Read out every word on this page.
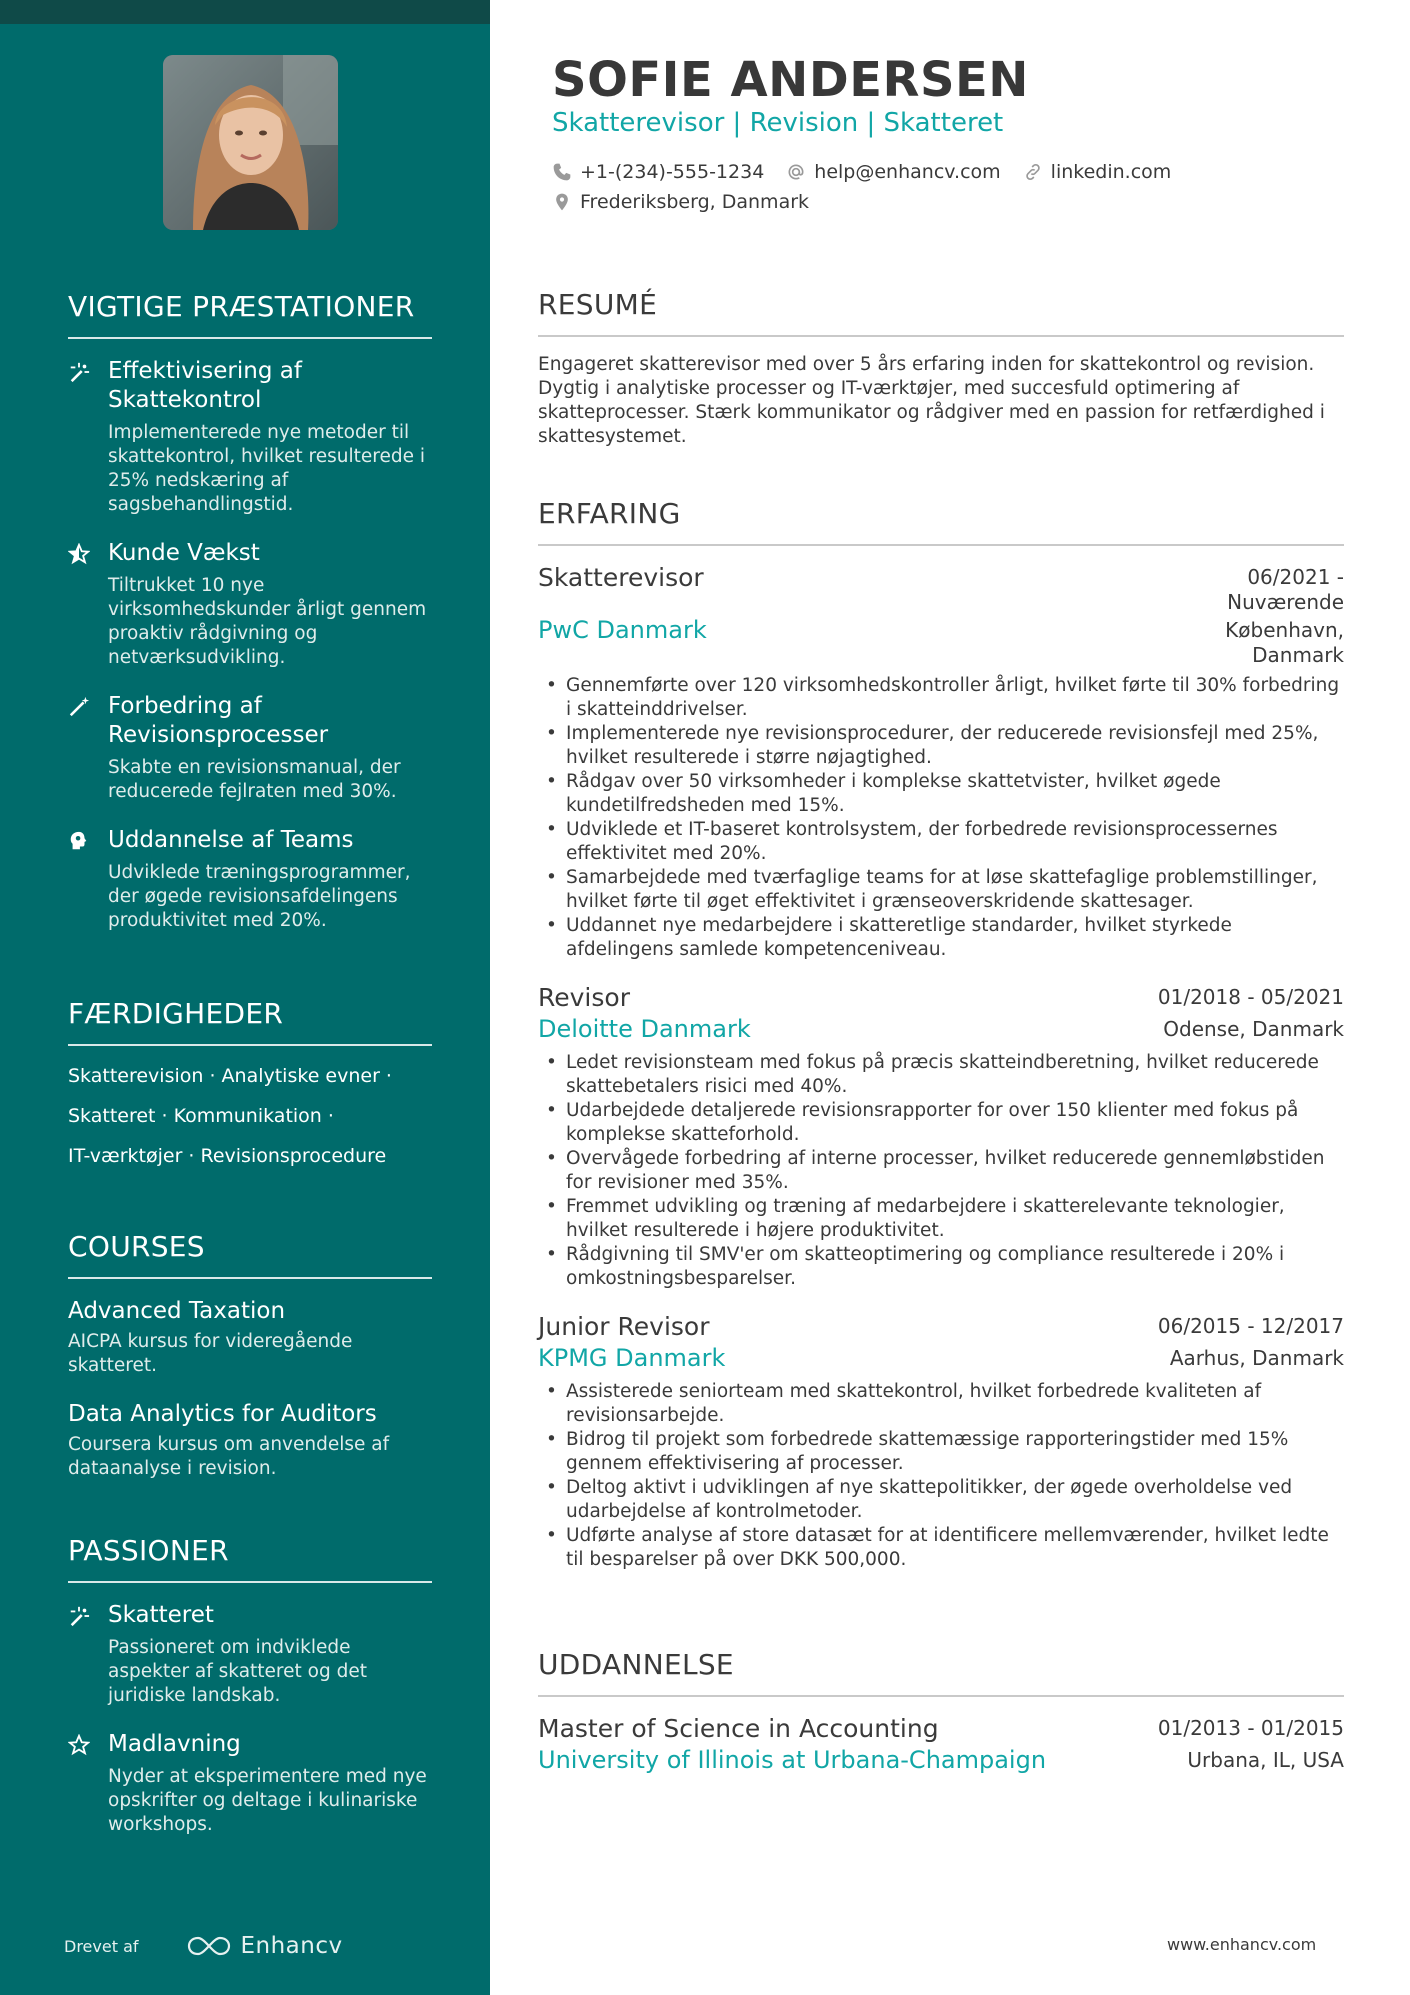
VIGTIGE PRÆSTATIONER
Effektivisering af Skattekontrol
Implementerede nye metoder til skattekontrol, hvilket resulterede i 25% nedskæring af sagsbehandlingstid.
Kunde Vækst
Tiltrukket 10 nye virksomhedskunder årligt gennem proaktiv rådgivning og netværksudvikling.
Forbedring af Revisionsprocesser
Skabte en revisionsmanual, der reducerede fejlraten med 30%.
Uddannelse af Teams
Udviklede træningsprogrammer, der øgede revisionsafdelingens produktivitet med 20%.
FÆRDIGHEDER
Skatterevision · Analytiske evner ·
Skatteret · Kommunikation ·
IT-værktøjer · Revisionsprocedure
COURSES
Advanced Taxation
AICPA kursus for videregående skatteret.
Data Analytics for Auditors
Coursera kursus om anvendelse af dataanalyse i revision.
PASSIONER
Skatteret
Passioneret om indviklede aspekter af skatteret og det juridiske landskab.
Madlavning
Nyder at eksperimentere med nye opskrifter og deltage i kulinariske workshops.
Drevet af	Enhancv
SOFIE ANDERSEN
Skatterevisor | Revision | Skatteret
+1-(234)-555-1234	help@enhancv.com	linkedin.com
Frederiksberg, Danmark
RESUMÉ
Engageret skatterevisor med over 5 års erfaring inden for skattekontrol og revision. Dygtig i analytiske processer og IT-værktøjer, med succesfuld optimering af skatteprocesser. Stærk kommunikator og rådgiver med en passion for retfærdighed i skattesystemet.
ERFARING
Skatterevisor	06/2021 - Nuværende
PwC Danmark	København, Danmark
• Gennemførte over 120 virksomhedskontroller årligt, hvilket førte til 30% forbedring i skatteinddrivelser.
• Implementerede nye revisionsprocedurer, der reducerede revisionsfejl med 25%, hvilket resulterede i større nøjagtighed.
• Rådgav over 50 virksomheder i komplekse skattetvister, hvilket øgede kundetilfredsheden med 15%.
• Udviklede et IT-baseret kontrolsystem, der forbedrede revisionsprocessernes effektivitet med 20%.
• Samarbejdede med tværfaglige teams for at løse skattefaglige problemstillinger, hvilket førte til øget effektivitet i grænseoverskridende skattesager.
• Uddannet nye medarbejdere i skatteretlige standarder, hvilket styrkede afdelingens samlede kompetenceniveau.
Revisor	01/2018 - 05/2021
Deloitte Danmark	Odense, Danmark
• Ledet revisionsteam med fokus på præcis skatteindberetning, hvilket reducerede skattebetalers risici med 40%.
• Udarbejdede detaljerede revisionsrapporter for over 150 klienter med fokus på komplekse skatteforhold.
• Overvågede forbedring af interne processer, hvilket reducerede gennemløbstiden for revisioner med 35%.
• Fremmet udvikling og træning af medarbejdere i skatterelevante teknologier, hvilket resulterede i højere produktivitet.
• Rådgivning til SMV'er om skatteoptimering og compliance resulterede i 20% i omkostningsbesparelser.
Junior Revisor	06/2015 - 12/2017
KPMG Danmark	Aarhus, Danmark
• Assisterede seniorteam med skattekontrol, hvilket forbedrede kvaliteten af revisionsarbejde.
• Bidrog til projekt som forbedrede skattemæssige rapporteringstider med 15% gennem effektivisering af processer.
• Deltog aktivt i udviklingen af nye skattepolitikker, der øgede overholdelse ved udarbejdelse af kontrolmetoder.
• Udførte analyse af store datasæt for at identificere mellemværender, hvilket ledte til besparelser på over DKK 500,000.
UDDANNELSE
Master of Science in Accounting	01/2013 - 01/2015
University of Illinois at Urbana-Champaign	Urbana, IL, USA
www.enhancv.com
